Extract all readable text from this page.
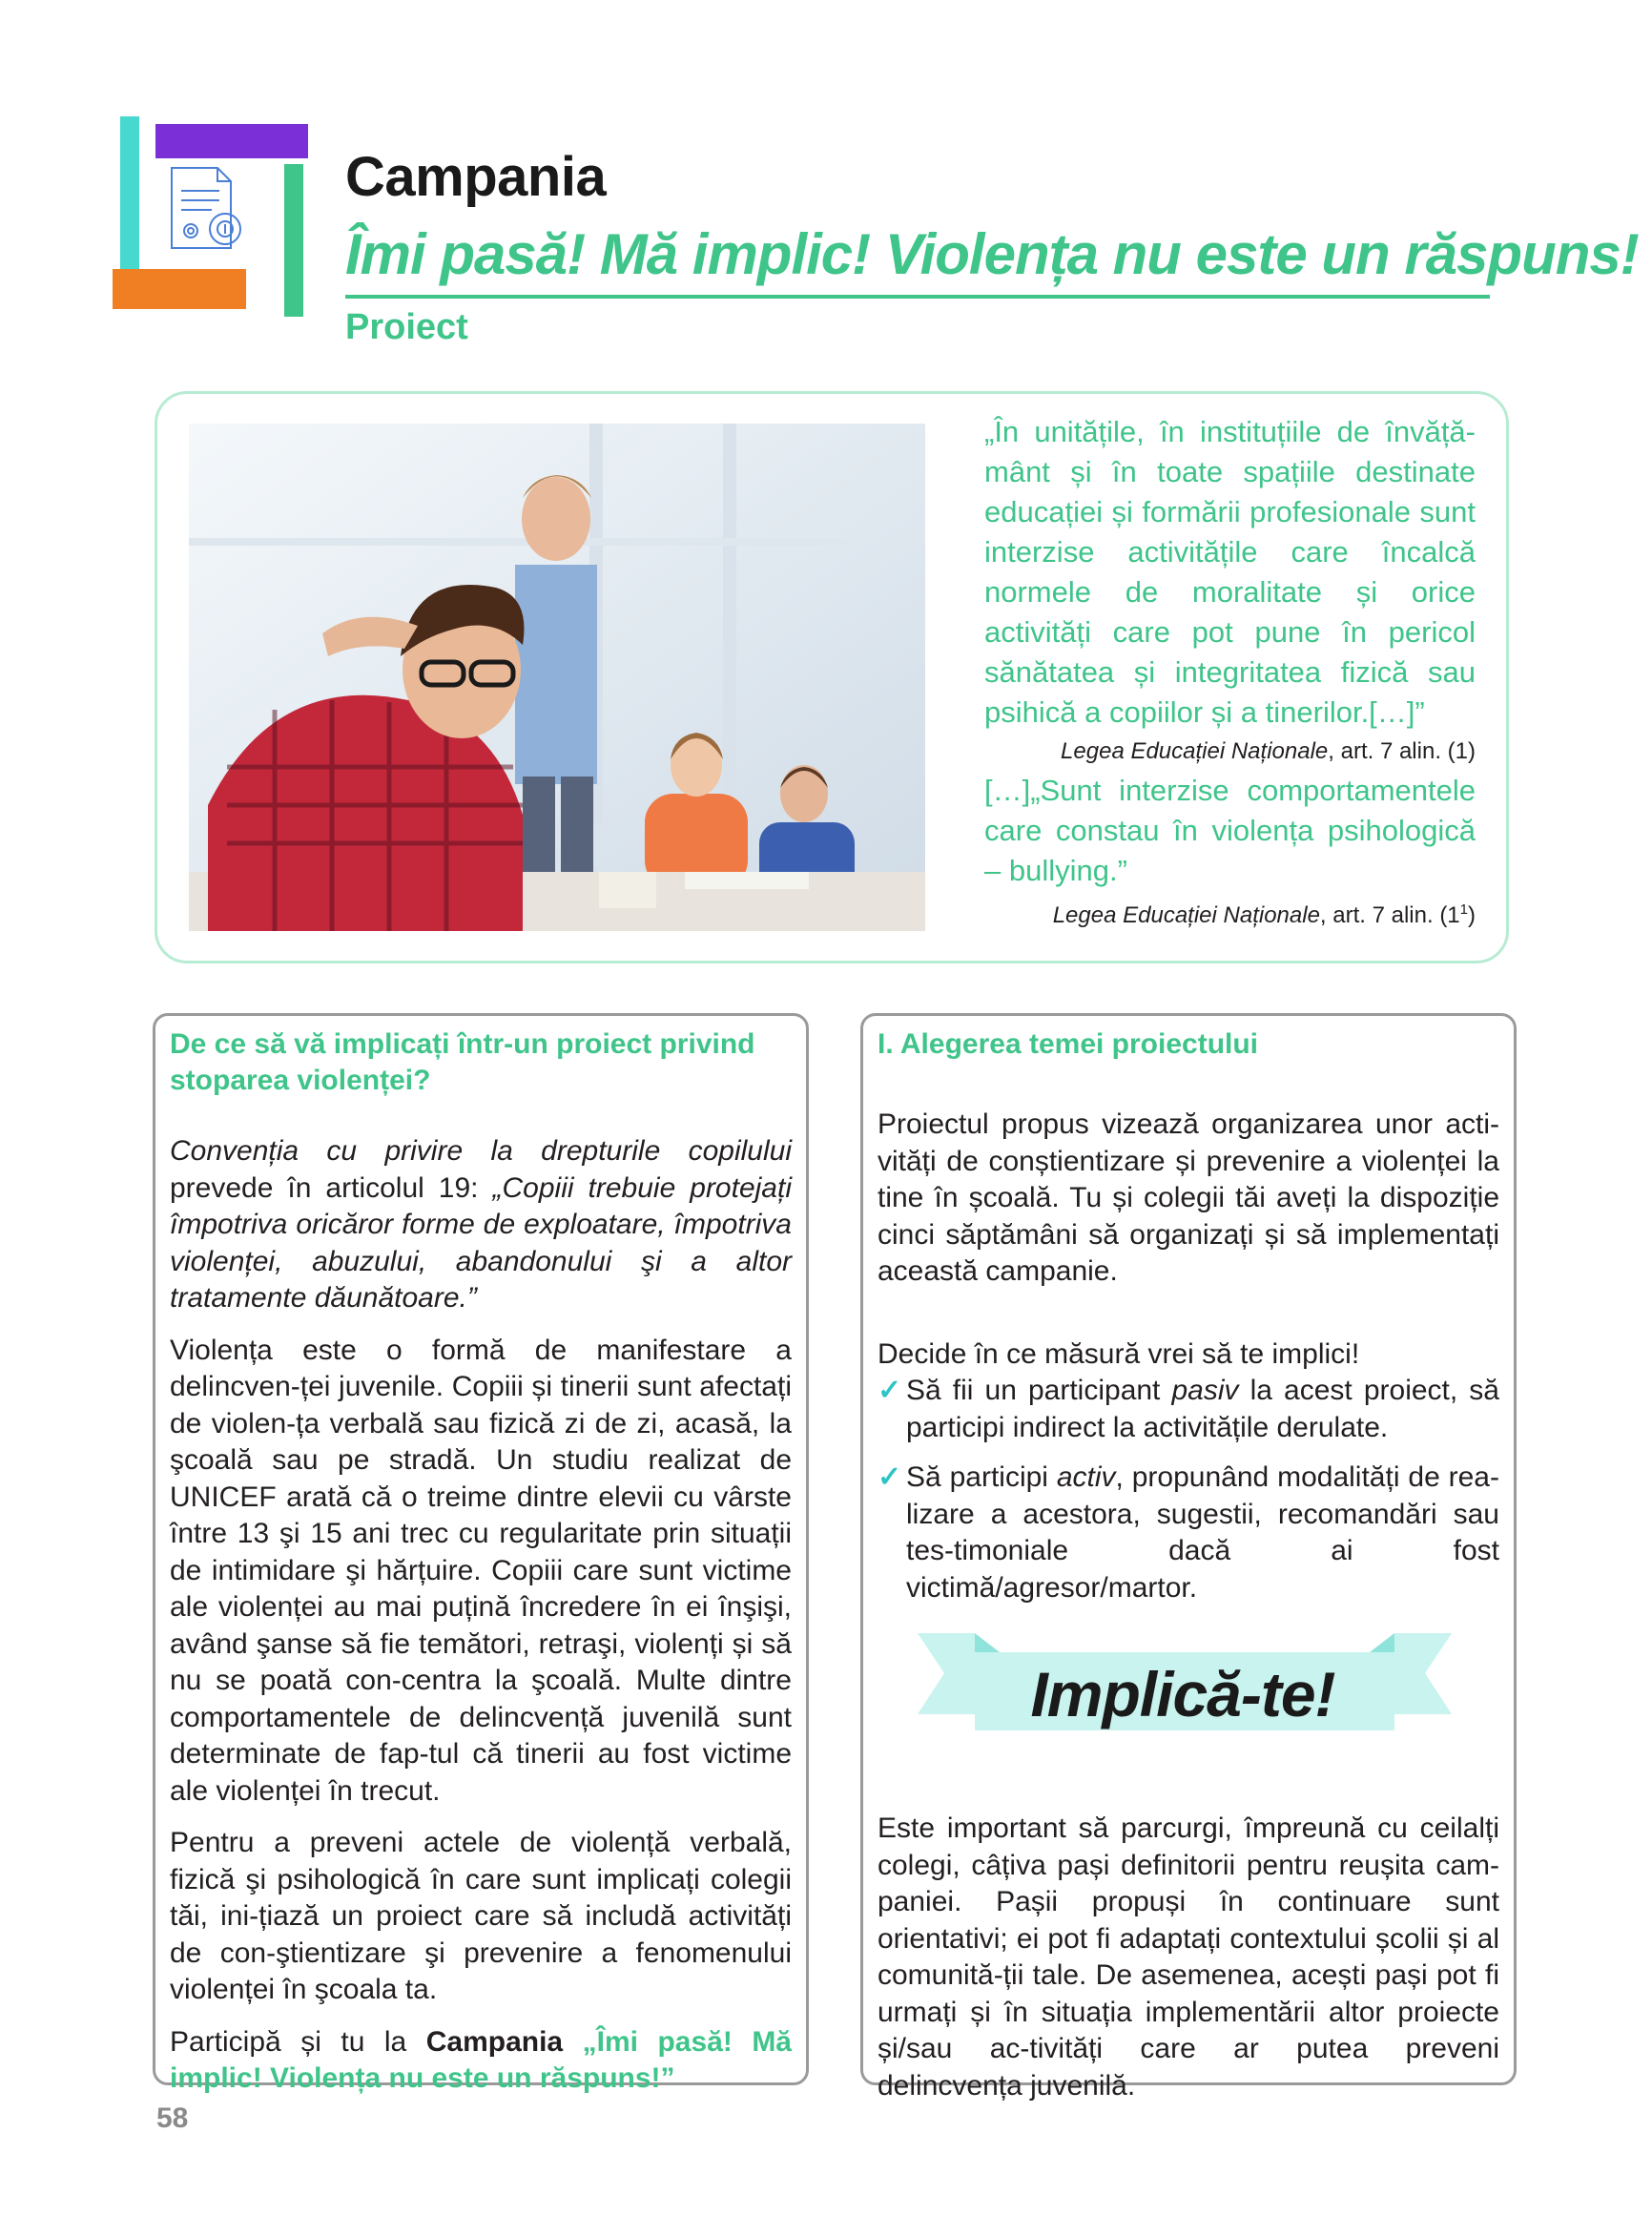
Campania
Îmi pasă! Mă implic! Violența nu este un răspuns!
Proiect
„În unitățile, în instituțiile de învăță-mânt și în toate spațiile destinate educației și formării profesionale sunt interzise activitățile care încalcă normele de moralitate și orice activități care pot pune în pericol sănătatea și integritatea fizică sau psihică a copiilor și a tinerilor.[…]”
Legea Educației Naționale, art. 7 alin. (1)
[…]„Sunt interzise comportamentele care constau în violența psihologică – bullying.”
Legea Educației Naționale, art. 7 alin. $(1^1)$
De ce să vă implicați într-un proiect privind stoparea violenței?

Convenția cu privire la drepturile copilului prevede în articolul 19: „Copiii trebuie protejați împotriva oricăror forme de exploatare, împotriva violenței, abuzului, abandonului şi a altor tratamente dăunătoare.”

Violența este o formă de manifestare a delincven-ței juvenile. Copiii și tinerii sunt afectați de violen-ța verbală sau fizică zi de zi, acasă, la şcoală sau pe stradă. Un studiu realizat de UNICEF arată că o treime dintre elevii cu vârste între 13 şi 15 ani trec cu regularitate prin situații de intimidare şi hărțuire. Copiii care sunt victime ale violenței au mai puțină încredere în ei înşişi, având şanse să fie temători, retraşi, violenți și să nu se poată con-centra la şcoală. Multe dintre comportamentele de delincvență juvenilă sunt determinate de fap-tul că tinerii au fost victime ale violenței în trecut.

Pentru a preveni actele de violență verbală, fizică şi psihologică în care sunt implicați colegii tăi, ini-țiază un proiect care să includă activități de con-ştientizare şi prevenire a fenomenului violenței în şcoala ta.

Participă și tu la Campania „Îmi pasă! Mă implic! Violența nu este un răspuns!”

I. Alegerea temei proiectului

Proiectul propus vizează organizarea unor acti-vități de conștientizare și prevenire a violenței la tine în școală. Tu și colegii tăi aveți la dispoziție cinci săptămâni să organizați și să implementați această campanie.

Decide în ce măsură vrei să te implici!

✓ Să fii un participant pasiv la acest proiect, să participi indirect la activitățile derulate.
✓ Să participi activ, propunând modalități de rea-lizare a acestora, sugestii, recomandări sau tes-timoniale dacă ai fost victimă/agresor/martor.
Implică-te!
Este important să parcurgi, împreună cu ceilalți colegi, câțiva pași definitorii pentru reușita cam-paniei. Pașii propuși în continuare sunt orientativi; ei pot fi adaptați contextului școlii și al comunită-ții tale. De asemenea, acești pași pot fi urmați și în situația implementării altor proiecte și/sau ac-tivități care ar putea preveni delincvența juvenilă.
58
